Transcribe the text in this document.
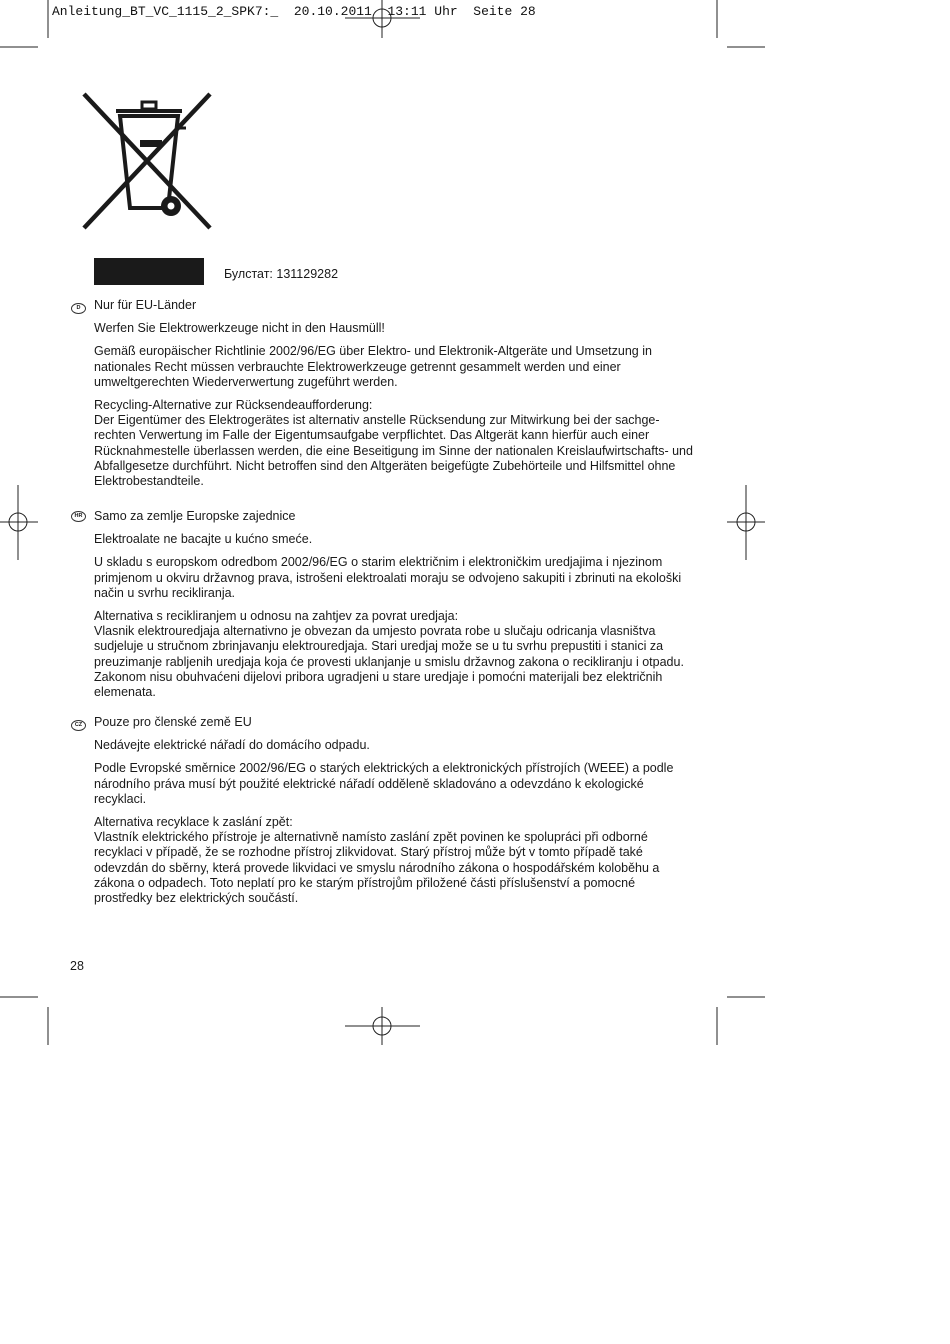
Anleitung_BT_VC_1115_2_SPK7:_  20.10.2011  13:11 Uhr  Seite 28
Булстат: 131129282
D	Nur für EU-Länder

Werfen Sie Elektrowerkzeuge nicht in den Hausmüll!

Gemäß europäischer Richtlinie 2002/96/EG über Elektro- und Elektronik-Altgeräte und Umsetzung in nationales Recht müssen verbrauchte Elektrowerkzeuge getrennt gesammelt werden und einer umweltgerechten Wiederverwertung zugeführt werden.

Recycling-Alternative zur Rücksendeaufforderung:
Der Eigentümer des Elektrogerätes ist alternativ anstelle Rücksendung zur Mitwirkung bei der sachge-rechten Verwertung im Falle der Eigentumsaufgabe verpflichtet. Das Altgerät kann hierfür auch einer Rücknahmestelle überlassen werden, die eine Beseitigung im Sinne der nationalen Kreislaufwirtschafts- und Abfallgesetze durchführt. Nicht betroffen sind den Altgeräten beigefügte Zubehörteile und Hilfsmittel ohne Elektrobestandteile.

HR Samo za zemlje Europske zajednice

Elektroalate ne bacajte u kućno smeće.

U skladu s europskom odredbom 2002/96/EG o starim električnim i elektroničkim uredjajima i njezinom primjenom u okviru državnog prava, istrošeni elektroalati moraju se odvojeno sakupiti i zbrinuti na ekološki način u svrhu recikliranja.

Alternativa s recikliranjem u odnosu na zahtjev za povrat uredjaja:
Vlasnik elektrouredjaja alternativno je obvezan da umjesto povrata robe u slučaju odricanja vlasništva sudjeluje u stručnom zbrinjavanju elektrouredjaja. Stari uredjaj može se u tu svrhu prepustiti i stanici za preuzimanje rabljenih uredjaja koja će provesti uklanjanje u smislu državnog zakona o recikliranju i otpadu. Zakonom nisu obuhvaćeni dijelovi pribora ugradjeni u stare uredjaje i pomoćni materijali bez električnih elemenata.

CZ Pouze pro členské země EU

Nedávejte elektrické nářadí do domácího odpadu.

Podle Evropské směrnice 2002/96/EG o starých elektrických a elektronických přístrojích (WEEE) a podle národního práva musí být použité elektrické nářadí odděleně skladováno a odevzdáno k ekologické recyklaci.

Alternativa recyklace k zaslání zpět:
Vlastník elektrického přístroje je alternativně namísto zaslání zpět povinen ke spolupráci při odborné recyklaci v případě, že se rozhodne přístroj zlikvidovat. Starý přístroj může být v tomto případě také odevzdán do sběrny, která provede likvidaci ve smyslu národního zákona o hospodářském koloběhu a zákona o odpadech. Toto neplatí pro ke starým přístrojům přiložené části příslušenství a pomocné prostředky bez elektrických součástí.

28
